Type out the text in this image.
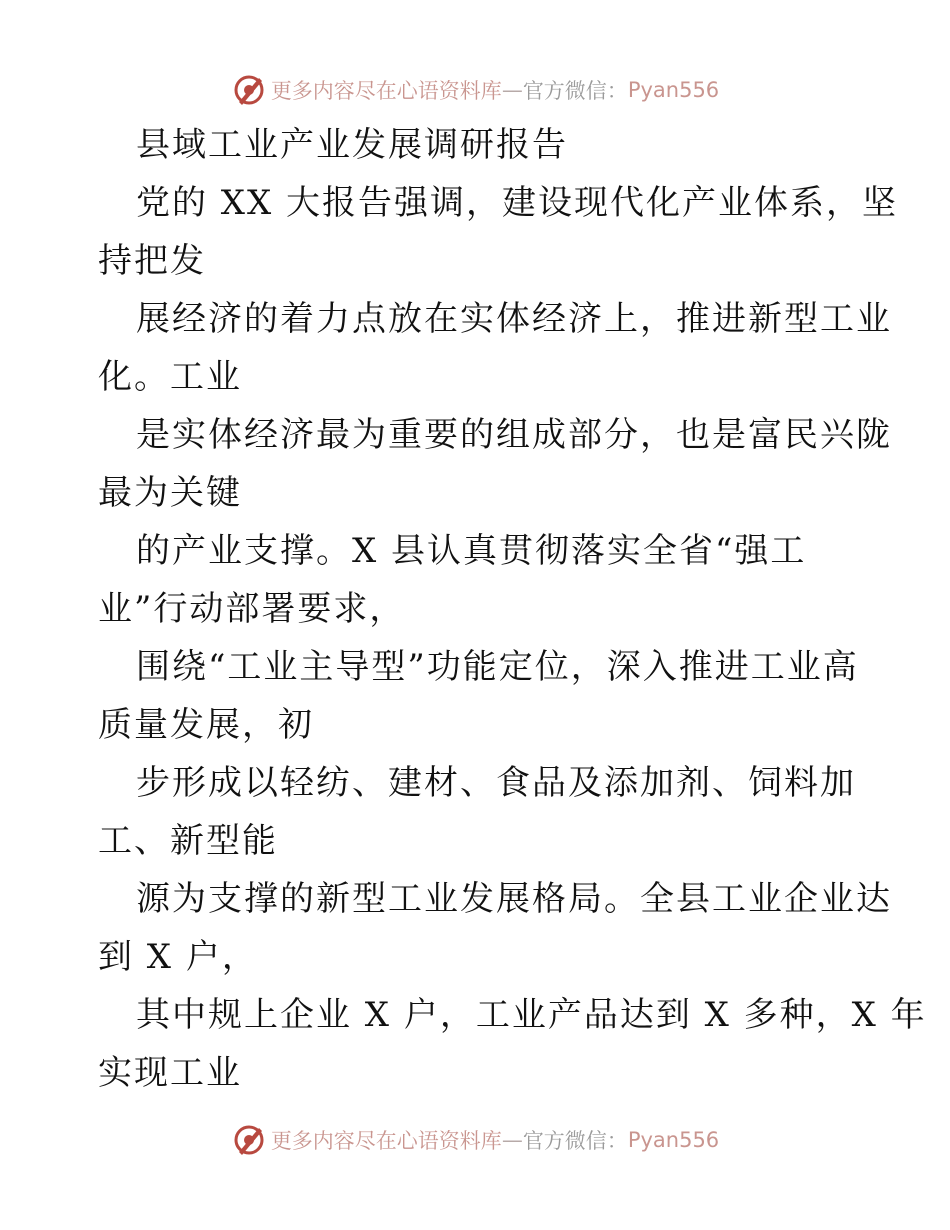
更多内容尽在心语资料库 — 官方微信： Pyan556
县域工业产业发展调研报告
党的 XX 大报告强调，建设现代化产业体系，坚
持把发
展经济的着力点放在实体经济上，推进新型工业
化。工业
是实体经济最为重要的组成部分，也是富民兴陇
最为关键
的产业支撑。X 县认真贯彻落实全省“强工
业”行动部署要求，
围绕“工业主导型”功能定位，深入推进工业高
质量发展，初
步形成以轻纺、建材、食品及添加剂、饲料加
工、新型能
源为支撑的新型工业发展格局。全县工业企业达
到 X 户，
其中规上企业 X 户，工业产品达到 X 多种，X 年
实现工业
更多内容尽在心语资料库 — 官方微信： Pyan556
